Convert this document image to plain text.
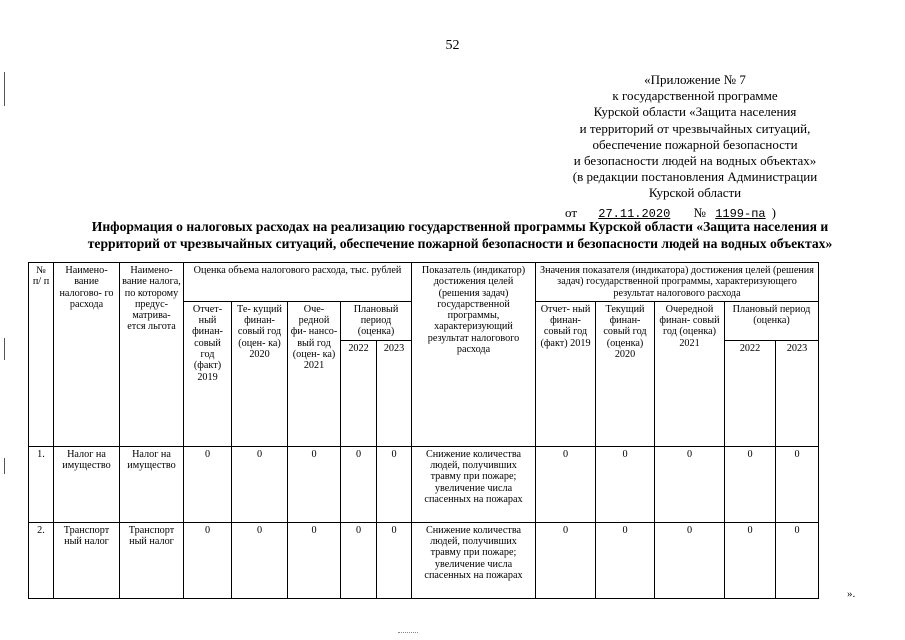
52
«Приложение № 7
к государственной программе
Курской области «Защита населения
и территорий от чрезвычайных ситуаций,
обеспечение пожарной безопасности
и безопасности людей на водных объектах»
(в редакции постановления Администрации
Курской области
от 27.11.2020 № 1199-па )
Информация о налоговых расходах на реализацию государственной программы Курской области «Защита населения и
территорий от чрезвычайных ситуаций, обеспечение пожарной безопасности и безопасности людей на водных объектах»
№ п/ п	Наимено- вание налогово- го расхода	Наимено- вание налога, по которому предус- матрива- ется льгота	Оценка объема налогового расхода, тыс. рублей					Показатель (индикатор) достижения целей (решения задач) государственной программы, характеризующий результат налогового расхода	Значения показателя (индикатора) достижения целей (решения задач) государственной программы, характеризующего результат налогового расхода				
			Отчет- ный финан- совый год (факт) 2019	Те- кущий финан- совый год (оцен- ка) 2020	Оче- редной фи- нансо- вый год (оцен- ка) 2021	Плановый период (оценка)			Отчет- ный финан- совый год (факт) 2019	Текущий финан- совый год (оценка) 2020	Очередной финан- совый год (оценка) 2021	Плановый период (оценка)	
						2022	2023					2022	2023
1.	Налог на имущество	Налог на имущество	0	0	0	0	0	Снижение количества людей, получивших травму при пожаре; увеличение числа спасенных на пожарах	0	0	0	0	0
2.	Транспорт ный налог	Транспорт ный налог	0	0	0	0	0	Снижение количества людей, получивших травму при пожаре; увеличение числа спасенных на пожарах	0	0	0	0	0
».
